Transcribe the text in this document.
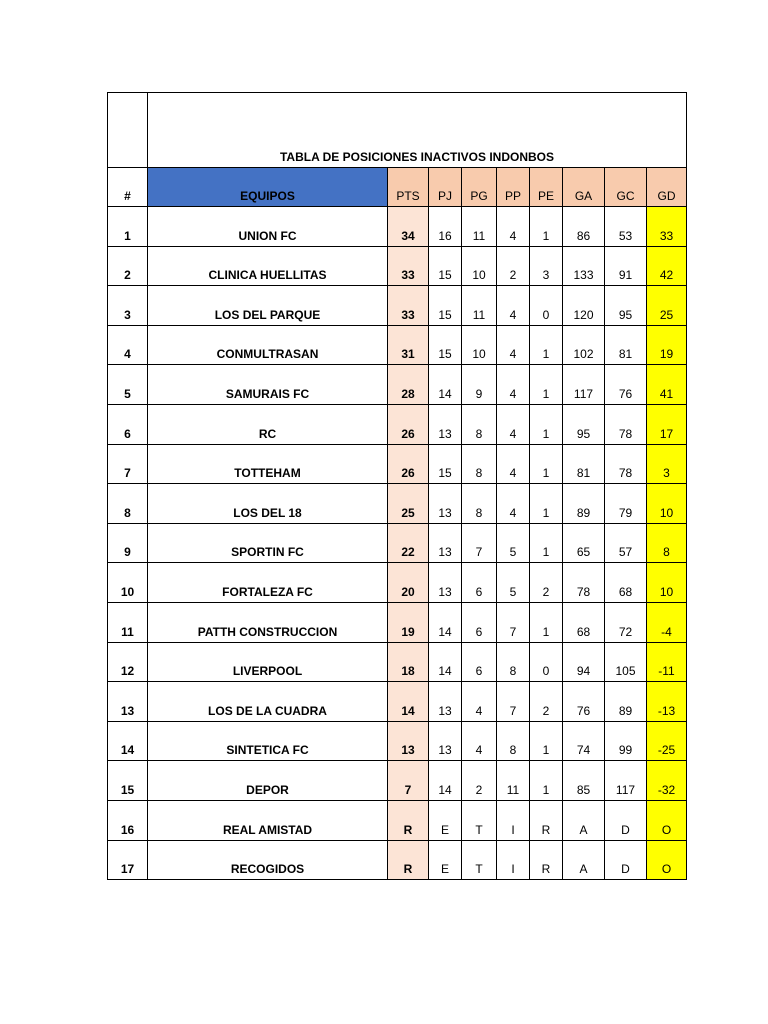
	TABLA DE POSICIONES INACTIVOS INDONBOS								
#	EQUIPOS	PTS	PJ	PG	PP	PE	GA	GC	GD
1	UNION FC	34	16	11	4	1	86	53	33
2	CLINICA HUELLITAS	33	15	10	2	3	133	91	42
3	LOS DEL PARQUE	33	15	11	4	0	120	95	25
4	CONMULTRASAN	31	15	10	4	1	102	81	19
5	SAMURAIS FC	28	14	9	4	1	117	76	41
6	RC	26	13	8	4	1	95	78	17
7	TOTTEHAM	26	15	8	4	1	81	78	3
8	LOS DEL 18	25	13	8	4	1	89	79	10
9	SPORTIN FC	22	13	7	5	1	65	57	8
10	FORTALEZA FC	20	13	6	5	2	78	68	10
11	PATTH CONSTRUCCION	19	14	6	7	1	68	72	-4
12	LIVERPOOL	18	14	6	8	0	94	105	-11
13	LOS DE LA CUADRA	14	13	4	7	2	76	89	-13
14	SINTETICA FC	13	13	4	8	1	74	99	-25
15	DEPOR	7	14	2	11	1	85	117	-32
16	REAL AMISTAD	R	E	T	I	R	A	D	O
17	RECOGIDOS	R	E	T	I	R	A	D	O
